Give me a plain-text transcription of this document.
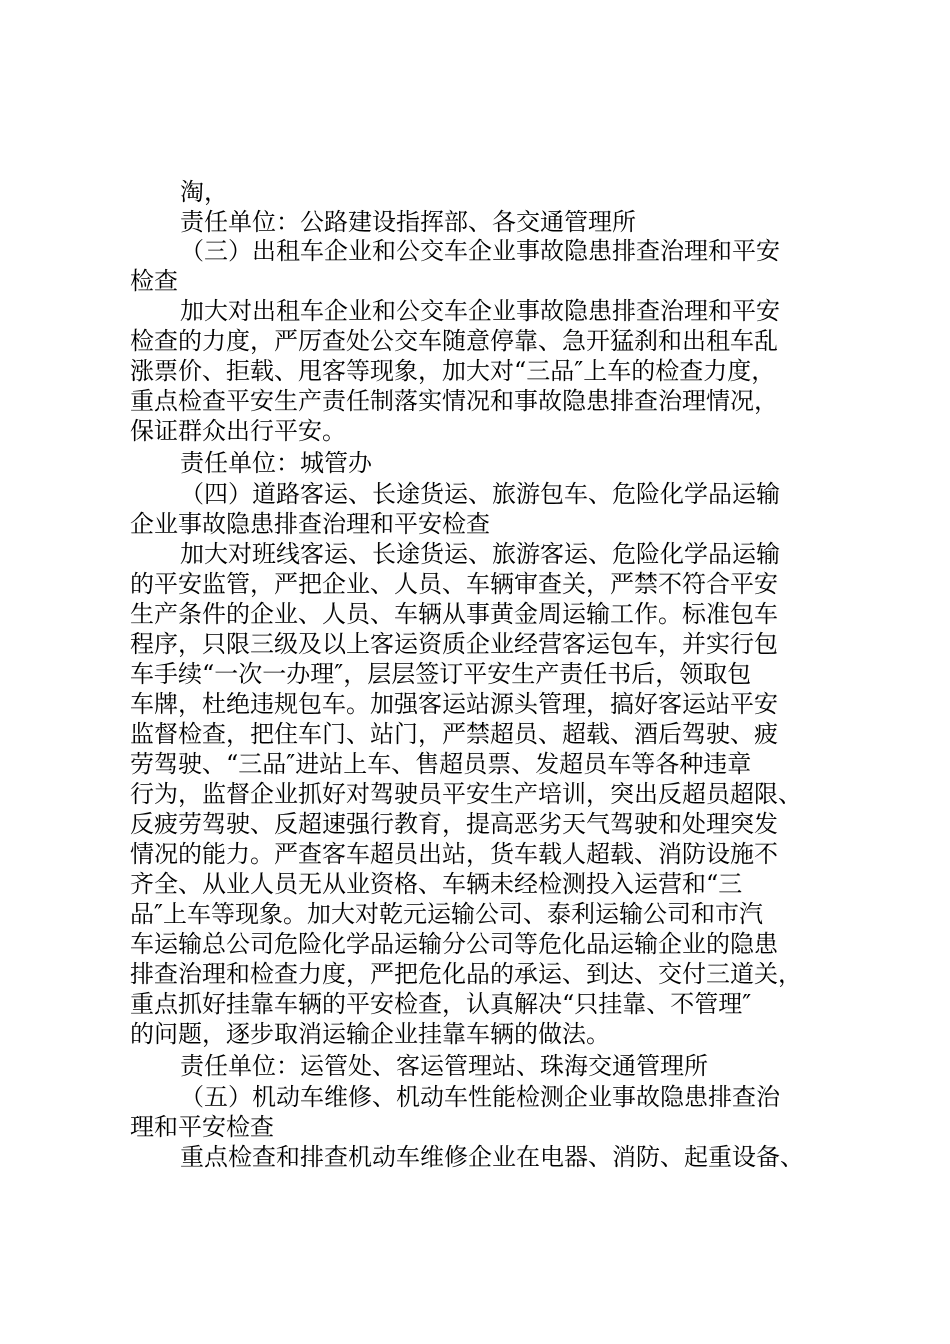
淘，
责任单位：公路建设指挥部、各交通管理所
（三）出租车企业和公交车企业事故隐患排查治理和平安
检查
加大对出租车企业和公交车企业事故隐患排查治理和平安
检查的力度，严厉查处公交车随意停靠、急开猛刹和出租车乱
涨票价、拒载、甩客等现象，加大对“三品″上车的检查力度，
重点检查平安生产责任制落实情况和事故隐患排查治理情况，
保证群众出行平安。
责任单位：城管办
（四）道路客运、长途货运、旅游包车、危险化学品运输
企业事故隐患排查治理和平安检查
加大对班线客运、长途货运、旅游客运、危险化学品运输
的平安监管，严把企业、人员、车辆审查关，严禁不符合平安
生产条件的企业、人员、车辆从事黄金周运输工作。标准包车
程序，只限三级及以上客运资质企业经营客运包车，并实行包
车手续“一次一办理″，层层签订平安生产责任书后，领取包
车牌，杜绝违规包车。加强客运站源头管理，搞好客运站平安
监督检查，把住车门、站门，严禁超员、超载、酒后驾驶、疲
劳驾驶、“三品″进站上车、售超员票、发超员车等各种违章
行为，监督企业抓好对驾驶员平安生产培训，突出反超员超限、
反疲劳驾驶、反超速强行教育，提高恶劣天气驾驶和处理突发
情况的能力。严查客车超员出站，货车载人超载、消防设施不
齐全、从业人员无从业资格、车辆未经检测投入运营和“三
品″上车等现象。加大对乾元运输公司、泰利运输公司和市汽
车运输总公司危险化学品运输分公司等危化品运输企业的隐患
排查治理和检查力度，严把危化品的承运、到达、交付三道关，
重点抓好挂靠车辆的平安检查，认真解决“只挂靠、不管理″
的问题，逐步取消运输企业挂靠车辆的做法。
责任单位：运管处、客运管理站、珠海交通管理所
（五）机动车维修、机动车性能检测企业事故隐患排查治
理和平安检查
重点检查和排查机动车维修企业在电器、消防、起重设备、
